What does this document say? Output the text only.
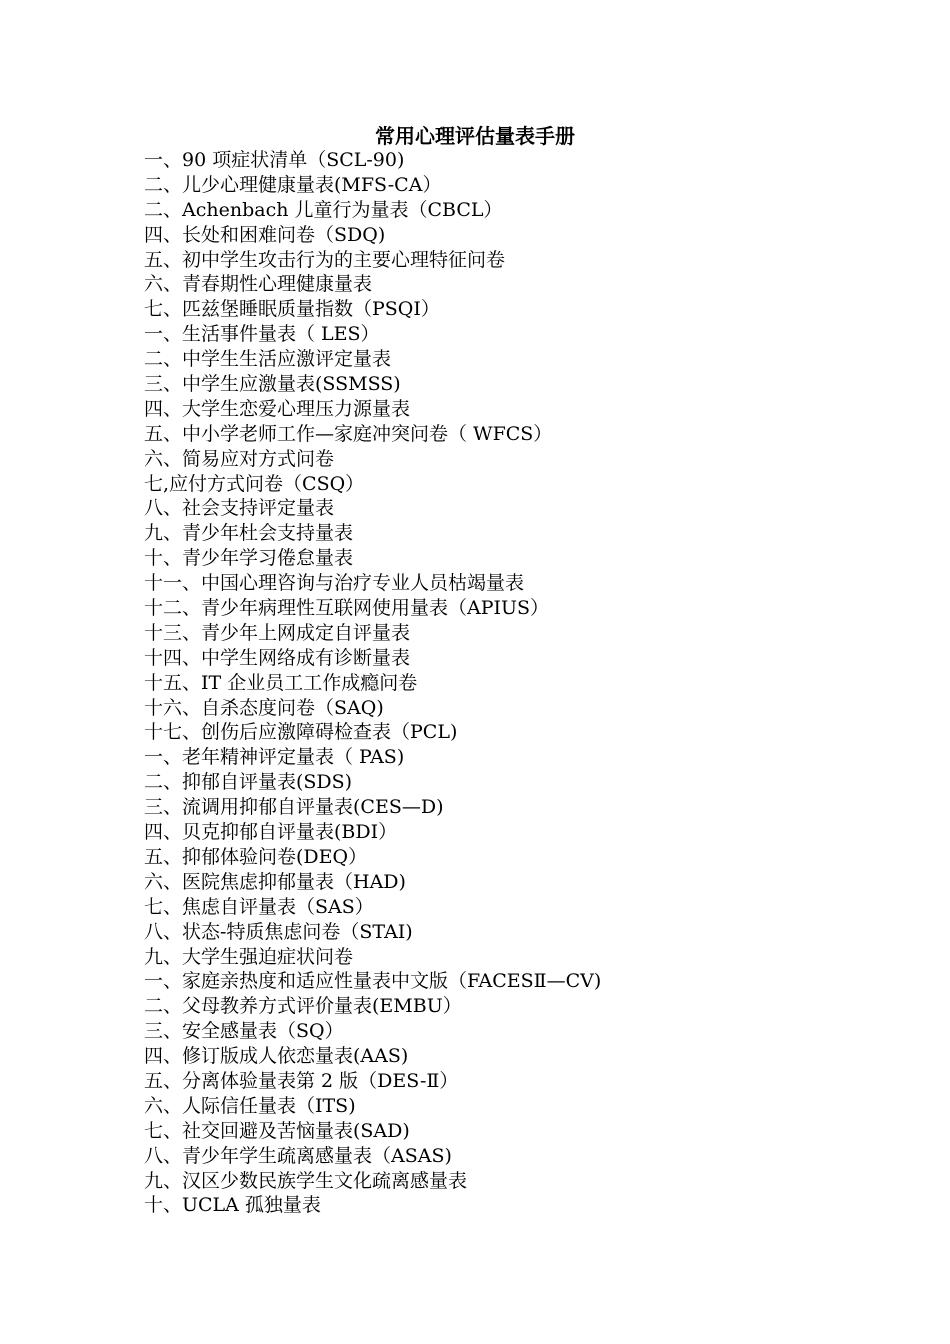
常用心理评估量表手册
一、90 项症状清单（SCL-90)
二、儿少心理健康量表(MFS-CA）
二、Achenbach 儿童行为量表（CBCL）
四、长处和困难问卷（SDQ)
五、初中学生攻击行为的主要心理特征问卷
六、青春期性心理健康量表
七、匹兹堡睡眠质量指数（PSQI）
一、生活事件量表（ LES）
二、中学生生活应激评定量表
三、中学生应激量表(SSMSS)
四、大学生恋爱心理压力源量表
五、中小学老师工作—家庭冲突问卷（ WFCS）
六、简易应对方式问卷
七,应付方式问卷（CSQ）
八、社会支持评定量表
九、青少年杜会支持量表
十、青少年学习倦怠量表
十一、中国心理咨询与治疗专业人员枯竭量表
十二、青少年病理性互联网使用量表（APIUS）
十三、青少年上网成定自评量表
十四、中学生网络成有诊断量表
十五、IT 企业员工工作成瘾问卷
十六、自杀态度问卷（SAQ)
十七、创伤后应激障碍检查表（PCL)
一、老年精神评定量表（ PAS)
二、抑郁自评量表(SDS)
三、流调用抑郁自评量表(CES—D)
四、贝克抑郁自评量表(BDI）
五、抑郁体验问卷(DEQ）
六、医院焦虑抑郁量表（HAD)
七、焦虑自评量表（SAS）
八、状态-特质焦虑问卷（STAI)
九、大学生强迫症状问卷
一、家庭亲热度和适应性量表中文版（FACESⅡ—CV)
二、父母教养方式评价量表(EMBU）
三、安全感量表（SQ）
四、修订版成人依恋量表(AAS)
五、分离体验量表第 2 版（DES-Ⅱ）
六、人际信任量表（ITS)
七、社交回避及苦恼量表(SAD)
八、青少年学生疏离感量表（ASAS)
九、汉区少数民族学生文化疏离感量表
十、UCLA 孤独量表
